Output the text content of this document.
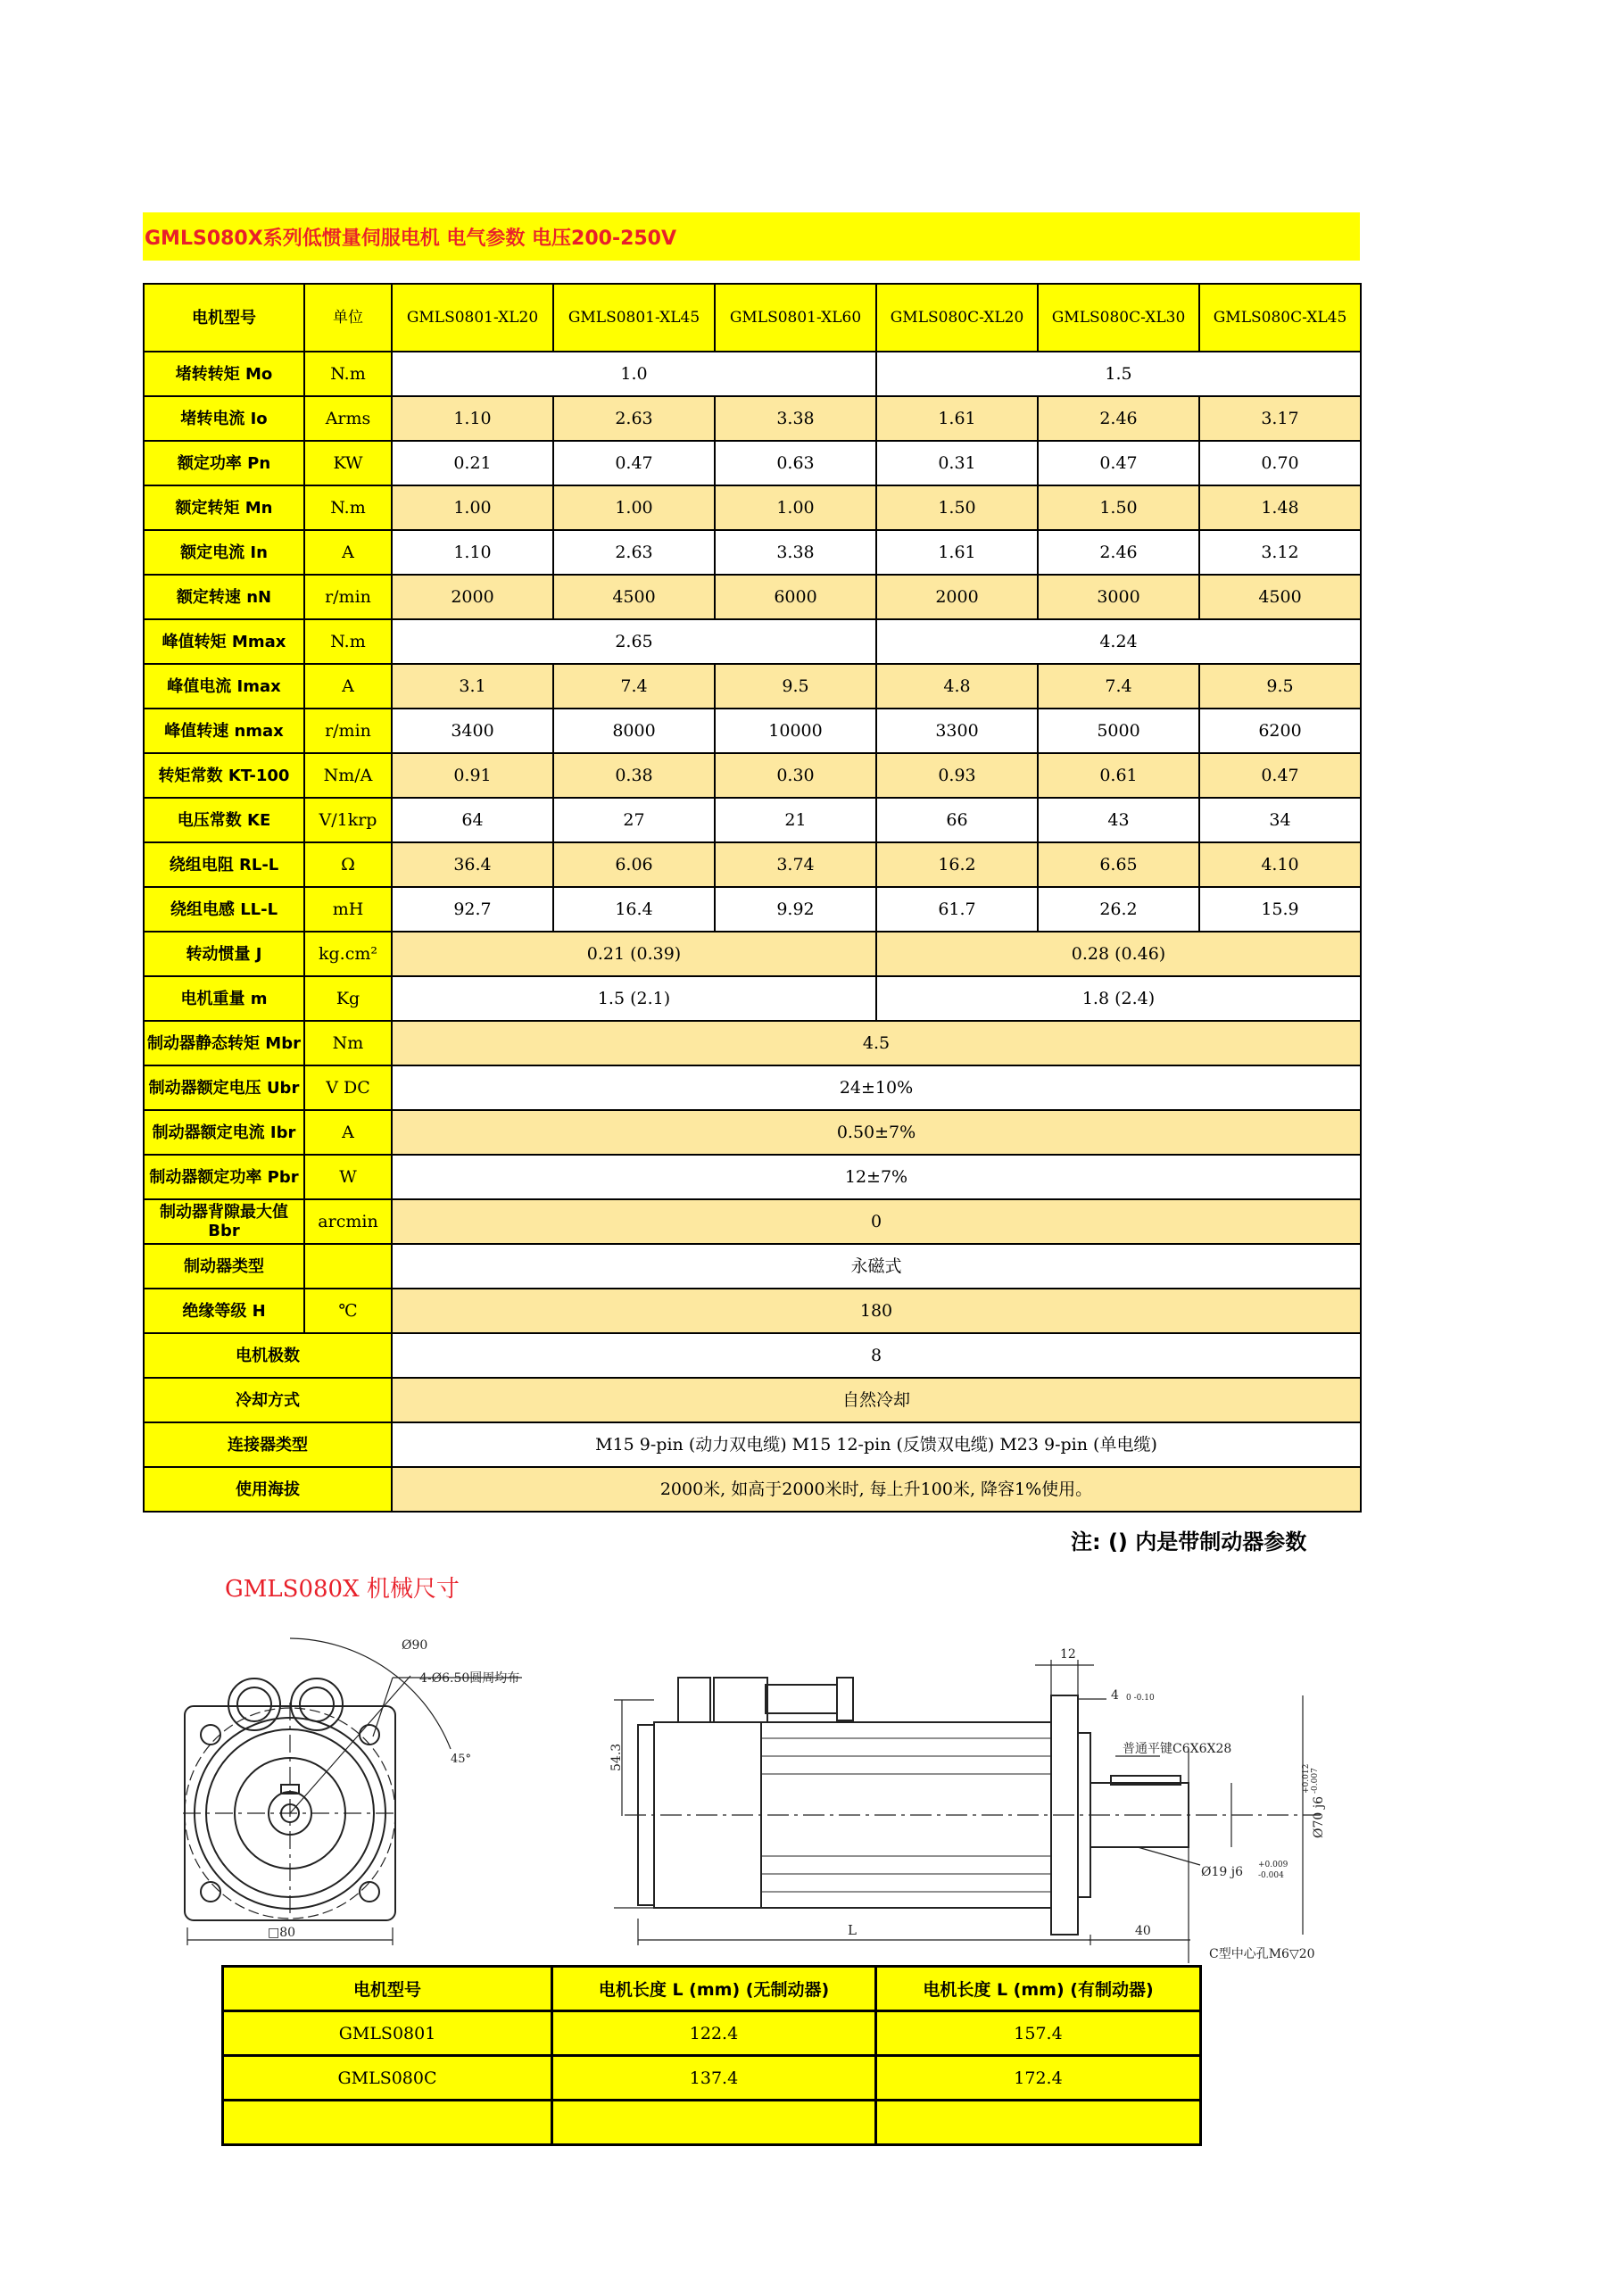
GMLS080X系列低惯量伺服电机 电气参数 电压200-250V
电机型号	单位	GMLS0801-XL20	GMLS0801-XL45	GMLS0801-XL60	GMLS080C-XL20	GMLS080C-XL30	GMLS080C-XL45
堵转转矩 Mo	N.m	1.0			1.5		
堵转电流 Io	Arms	1.10	2.63	3.38	1.61	2.46	3.17
额定功率 Pn	KW	0.21	0.47	0.63	0.31	0.47	0.70
额定转矩 Mn	N.m	1.00	1.00	1.00	1.50	1.50	1.48
额定电流 In	A	1.10	2.63	3.38	1.61	2.46	3.12
额定转速 nN	r/min	2000	4500	6000	2000	3000	4500
峰值转矩 Mmax	N.m	2.65			4.24		
峰值电流 Imax	A	3.1	7.4	9.5	4.8	7.4	9.5
峰值转速 nmax	r/min	3400	8000	10000	3300	5000	6200
转矩常数 KT-100	Nm/A	0.91	0.38	0.30	0.93	0.61	0.47
电压常数 KE	V/1krp	64	27	21	66	43	34
绕组电阻 RL-L	Ω	36.4	6.06	3.74	16.2	6.65	4.10
绕组电感 LL-L	mH	92.7	16.4	9.92	61.7	26.2	15.9
转动惯量 J	kg.cm²	0.21 (0.39)			0.28 (0.46)		
电机重量 m	Kg	1.5 (2.1)			1.8 (2.4)		
制动器静态转矩 Mbr	Nm	4.5					
制动器额定电压 Ubr	V DC	24±10%					
制动器额定电流 Ibr	A	0.50±7%					
制动器额定功率 Pbr	W	12±7%					
制动器背隙最大值 Bbr	arcmin	0					
制动器类型		永磁式					
绝缘等级 H	℃	180					
电机极数		8					
冷却方式		自然冷却					
连接器类型		M15 9-pin (动力双电缆) M15 12-pin (反馈双电缆) M23 9-pin (单电缆)					
使用海拔		2000米, 如高于2000米时, 每上升100米, 降容1%使用。					
注: () 内是带制动器参数
GMLS080X 机械尺寸
Ø90
4-Ø6.50圆周均布
45°
□80
54.3
12
4 0 -0.10
普通平键C6X6X28
Ø70 j6
+0.012 -0.007
Ø19 j6 +0.009
-0.004
L	40
C型中心孔M6▽20
电机型号	电机长度 L (mm) (无制动器)	电机长度 L (mm) (有制动器)
GMLS0801	122.4	157.4
GMLS080C	137.4	172.4
